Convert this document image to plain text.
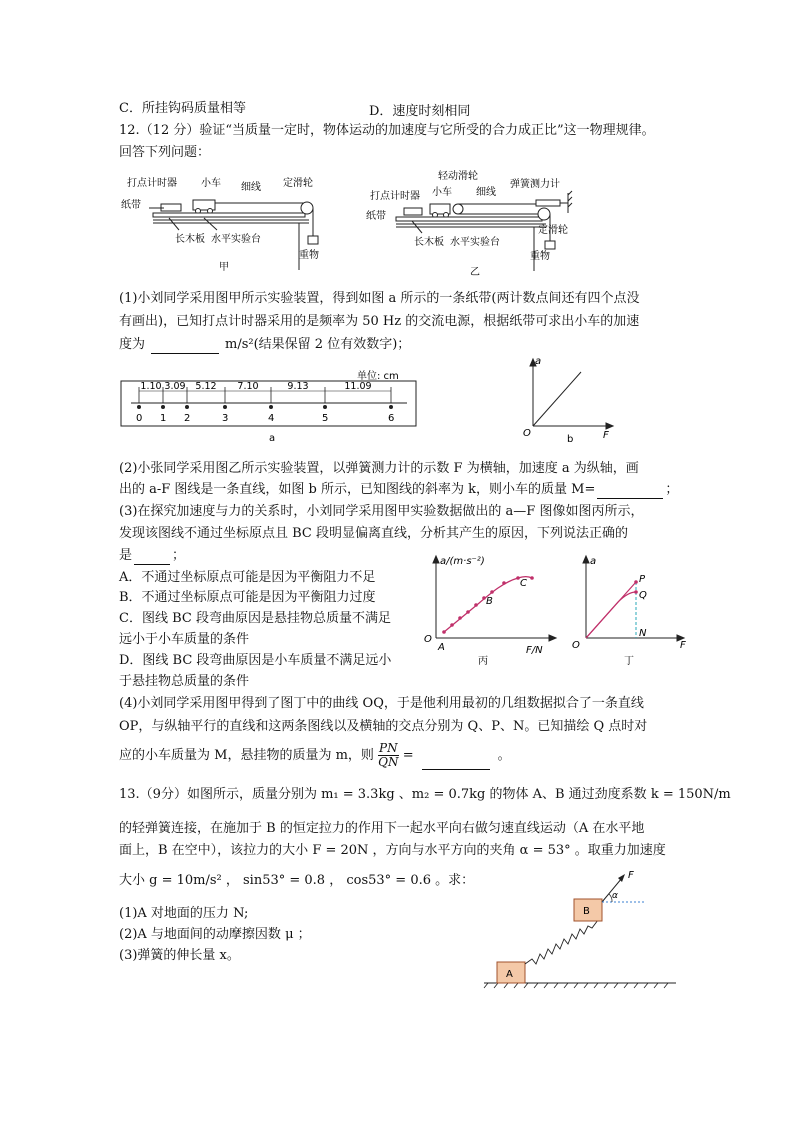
C．所挂钩码质量相等	D．速度时刻相同
12.（12 分）验证“当质量一定时，物体运动的加速度与它所受的合力成正比”这一物理规律。
回答下列问题：
打点计时器 小车 细线 定滑轮
纸带
长木板 水平实验台
重物
甲
轻动滑轮
弹簧测力计
打点计时器 小车 细线
纸带
长木板 水平实验台
定滑轮
重物
乙
(1)小刘同学采用图甲所示实验装置，得到如图 a 所示的一条纸带(两计数点间还有四个点没
有画出)，已知打点计时器采用的是频率为 50 Hz 的交流电源，根据纸带可求出小车的加速
度为	m/s²(结果保留 2 位有效数字)；
单位: cm
0 1 2	3	4	5	6
1.10 3.09 5.12 7.10	9.13	11.09
a
a
F
O
b
(2)小张同学采用图乙所示实验装置，以弹簧测力计的示数 F 为横轴，加速度 a 为纵轴，画
出的 a-F 图线是一条直线，如图 b 所示，已知图线的斜率为 k，则小车的质量 M=	；
(3)在探究加速度与力的关系时，小刘同学采用图甲实验数据做出的 a—F 图像如图丙所示，
发现该图线不通过坐标原点且 BC 段明显偏离直线，分析其产生的原因，下列说法正确的
是	；
A．不通过坐标原点可能是因为平衡阻力不足
B．不通过坐标原点可能是因为平衡阻力过度
C．图线 BC 段弯曲原因是悬挂物总质量不满足
远小于小车质量的条件
D．图线 BC 段弯曲原因是小车质量不满足远小
于悬挂物总质量的条件
a/(m·s⁻²)
F/N
O
A
B
C
丙
a
F
O
P
Q
N
丁
(4)小刘同学采用图甲得到了图丁中的曲线 OQ，于是他利用最初的几组数据拟合了一条直线
OP，与纵轴平行的直线和这两条图线以及横轴的交点分别为 Q、P、N。已知描绘 Q 点时对
应的小车质量为 M，悬挂物的质量为 m，则 $\frac{PN}{QN}$ =	。
13.（9分）如图所示，质量分别为 m₁ = 3.3kg 、m₂ = 0.7kg 的物体 A、B 通过劲度系数 k = 150N/m
的轻弹簧连接，在施加于 B 的恒定拉力的作用下一起水平向右做匀速直线运动（A 在水平地
面上，B 在空中），该拉力的大小 F = 20N ，方向与水平方向的夹角 α = 53° 。取重力加速度
大小 g = 10m/s² ， sin53° = 0.8 ， cos53° = 0.6 。求：
(1)A 对地面的压力 N;
(2)A 与地面间的动摩擦因数 μ ；
(3)弹簧的伸长量 x。
A
B
α
F
